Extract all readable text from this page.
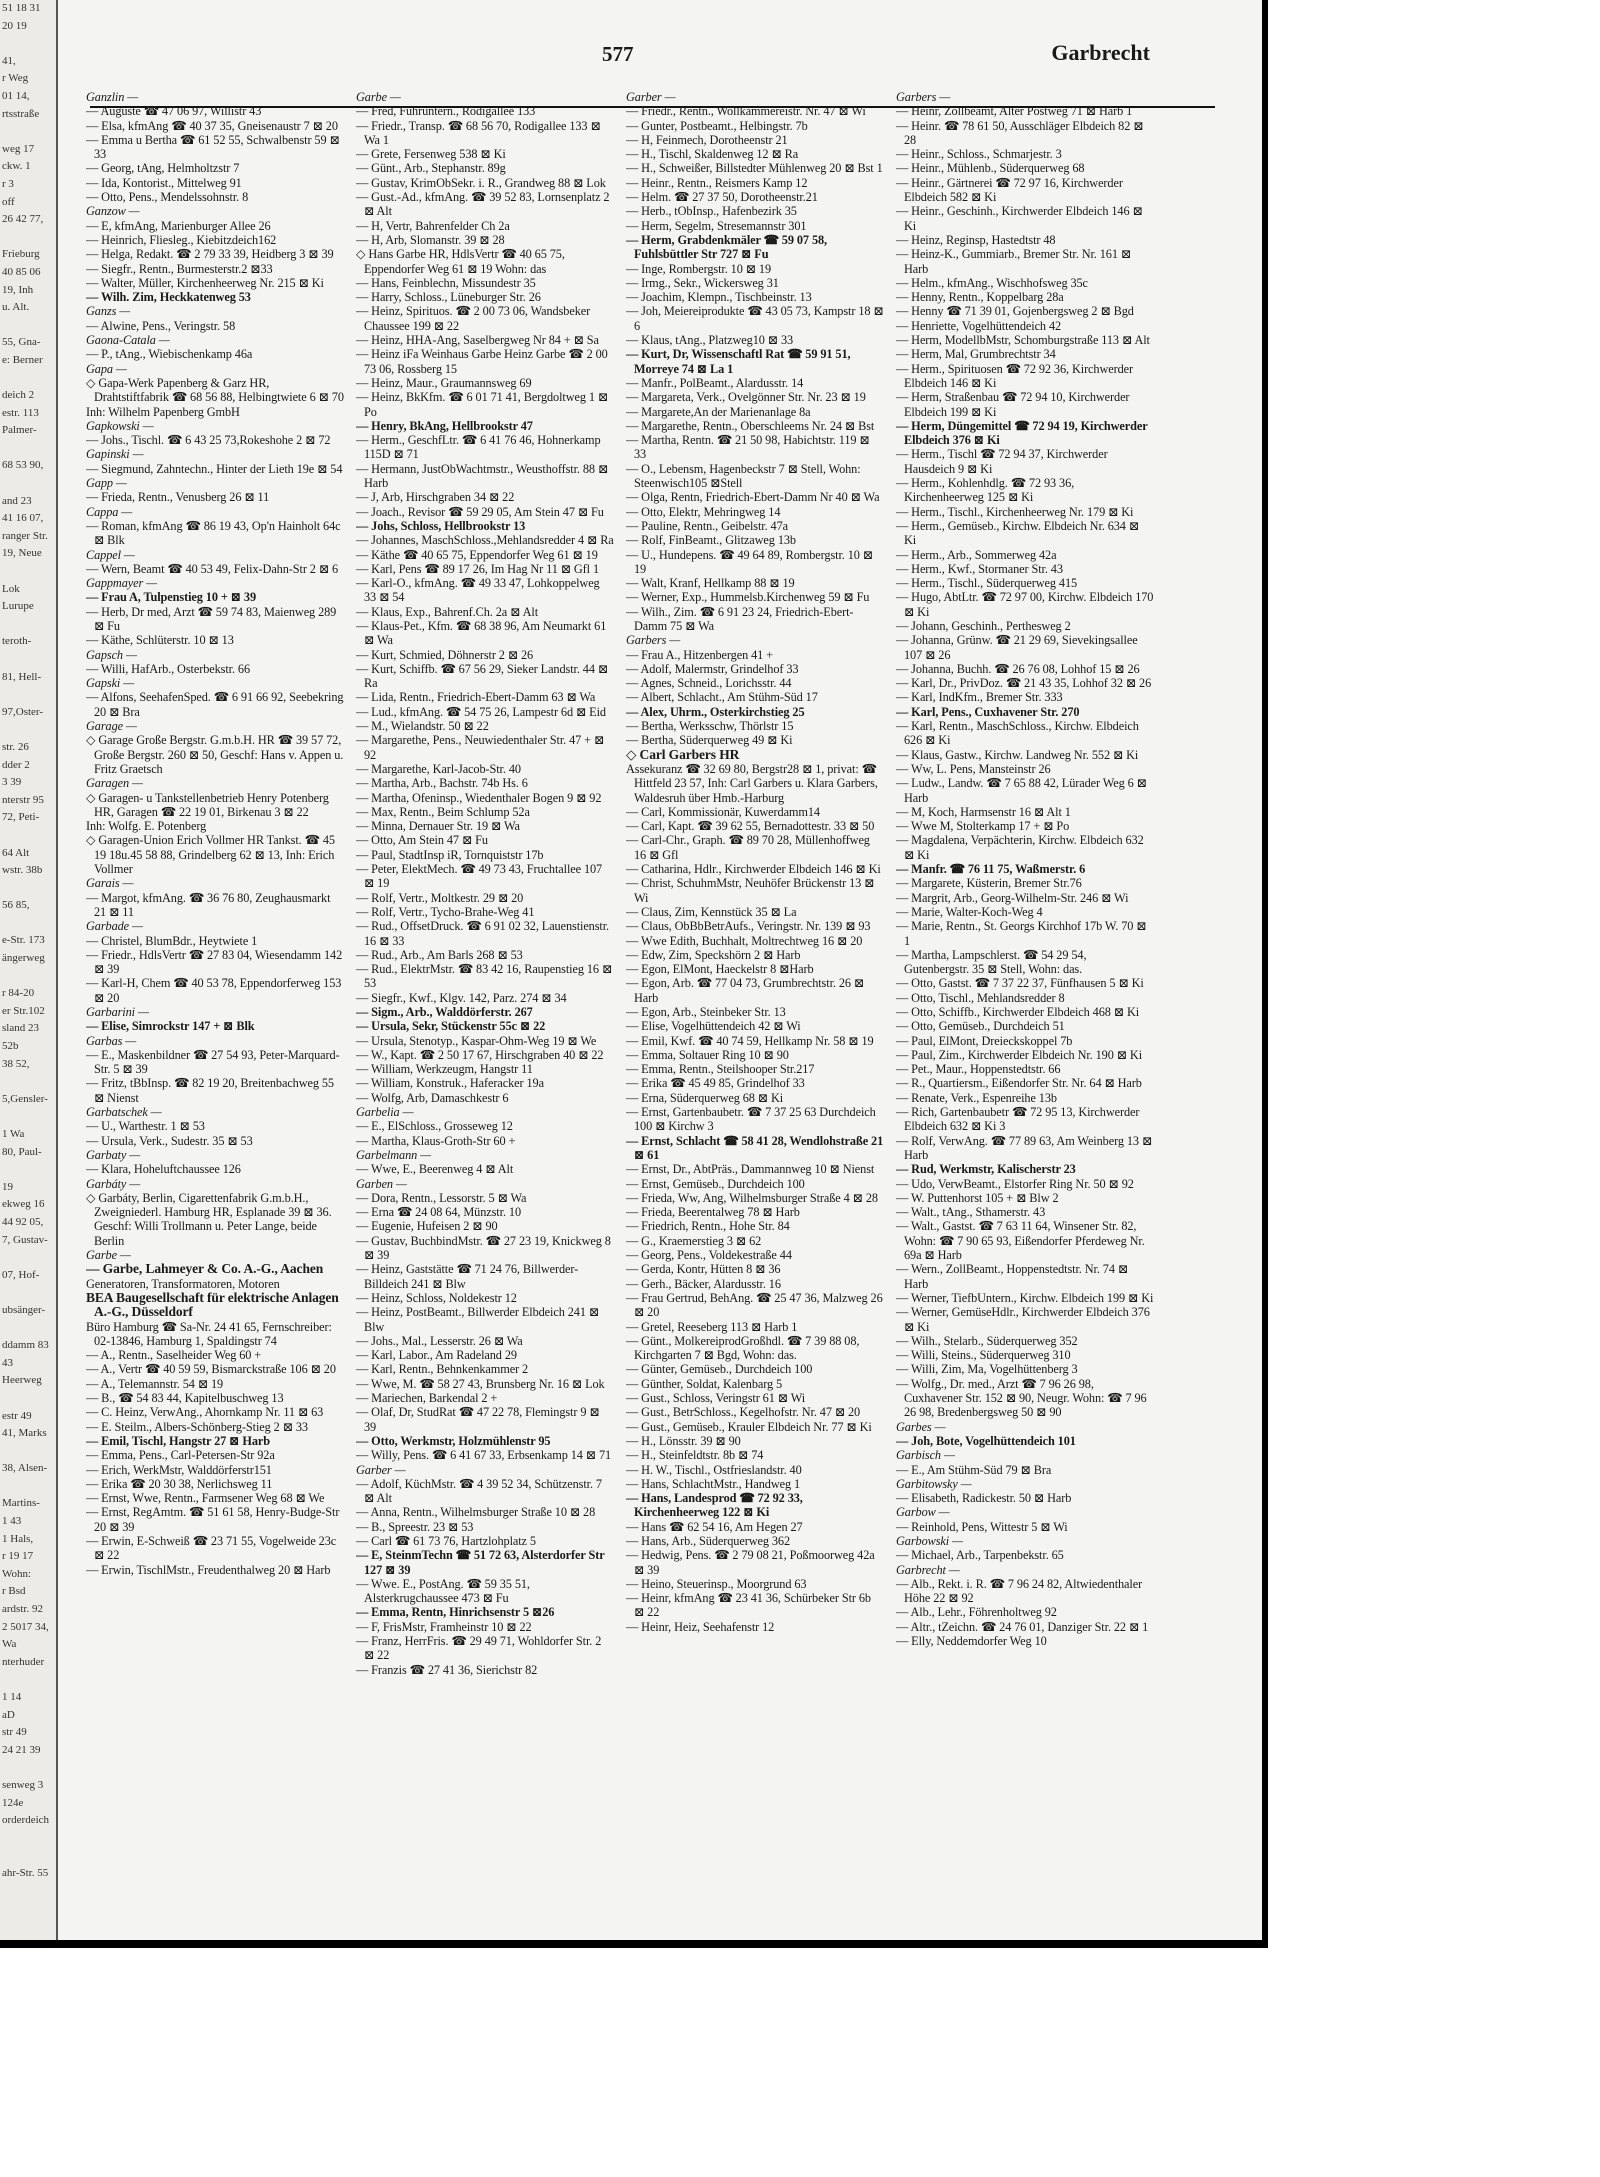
51 18 31
20 19

41,
r Weg
01 14,
rtsstraße

weg 17
ckw. 1
r 3
off
26 42 77,

Frieburg
40 85 06
19, Inh
u. Alt.

55, Gna-
e: Berner

deich 2
estr. 113
Palmer-

68 53 90,

and 23
41 16 07,
ranger Str.
19, Neue

Lok
Lurupe

teroth-

81, Hell-

97,Oster-

str. 26
dder 2
3 39
nterstr 95
72, Peti-

64 Alt
wstr. 38b

56 85,

e-Str. 173
ängerweg

r 84-20
er Str.102
sland 23
52b
38 52,

5,Gensler-

1 Wa
80, Paul-

19
ekweg 16
44 92 05,
7, Gustav-

07, Hof-

ubsänger-

ddamm 83
43
Heerweg

estr 49
41, Marks

38, Alsen-

Martins-
1 43
1 Hals,
r 19 17
Wohn:
r Bsd
ardstr. 92
2 5017 34,
Wa
nterhuder

1 14
aD
str 49
24 21 39

senweg 3
124e
orderdeich

ahr-Str. 55
577	Garbrecht
Ganzlin —
— Auguste ☎ 47 06 97, Willistr 43
— Elsa, kfmAng ☎ 40 37 35, Gneisenaustr 7 ⊠ 20
— Emma u Bertha ☎ 61 52 55, Schwalbenstr 59 ⊠ 33
— Georg, tAng, Helmholtzstr 7
— Ida, Kontorist., Mittelweg 91
— Otto, Pens., Mendelssohnstr. 8
Ganzow —
— E, kfmAng, Marienburger Allee 26
— Heinrich, Fliesleg., Kiebitzdeich162
— Helga, Redakt. ☎ 2 79 33 39, Heidberg 3 ⊠ 39
— Siegfr., Rentn., Burmesterstr.2 ⊠33
— Walter, Müller, Kirchenheerweg Nr. 215 ⊠ Ki
— Wilh. Zim, Heckkatenweg 53
Ganzs —
— Alwine, Pens., Veringstr. 58
Gaona-Catala —
— P., tAng., Wiebischenkamp 46a
Gapa —
◇ Gapa-Werk Papenberg & Garz HR, Drahtstiftfabrik ☎ 68 56 88, Helbingtwiete 6 ⊠ 70
Inh: Wilhelm Papenberg GmbH
Gapkowski —
— Johs., Tischl. ☎ 6 43 25 73,Rokeshohe 2 ⊠ 72
Gapinski —
— Siegmund, Zahntechn., Hinter der Lieth 19e ⊠ 54
Gapp —
— Frieda, Rentn., Venusberg 26 ⊠ 11
Cappa —
— Roman, kfmAng ☎ 86 19 43, Op'n Hainholt 64c ⊠ Blk
Cappel —
— Wern, Beamt ☎ 40 53 49, Felix-Dahn-Str 2 ⊠ 6
Gappmayer —
— Frau A, Tulpenstieg 10 + ⊠ 39
— Herb, Dr med, Arzt ☎ 59 74 83, Maienweg 289 ⊠ Fu
— Käthe, Schlüterstr. 10 ⊠ 13
Gapsch —
— Willi, HafArb., Osterbekstr. 66
Gapski —
— Alfons, SeehafenSped. ☎ 6 91 66 92, Seebekring 20 ⊠ Bra
Garage —
◇ Garage Große Bergstr. G.m.b.H. HR ☎ 39 57 72, Große Bergstr. 260 ⊠ 50, Geschf: Hans v. Appen u. Fritz Graetsch
Garagen —
◇ Garagen- u Tankstellenbetrieb Henry Potenberg HR, Garagen ☎ 22 19 01, Birkenau 3 ⊠ 22
Inh: Wolfg. E. Potenberg
◇ Garagen-Union Erich Vollmer HR Tankst. ☎ 45 19 18u.45 58 88, Grindelberg 62 ⊠ 13, Inh: Erich Vollmer
Garais —
— Margot, kfmAng. ☎ 36 76 80, Zeughausmarkt 21 ⊠ 11
Garbade —
— Christel, BlumBdr., Heytwiete 1
— Friedr., HdlsVertr ☎ 27 83 04, Wiesendamm 142 ⊠ 39
— Karl-H, Chem ☎ 40 53 78, Eppendorferweg 153 ⊠ 20
Garbarini —
— Elise, Simrockstr 147 + ⊠ Blk
Garbas —
— E., Maskenbildner ☎ 27 54 93, Peter-Marquard-Str. 5 ⊠ 39
— Fritz, tBbInsp. ☎ 82 19 20, Breitenbachweg 55 ⊠ Nienst
Garbatschek —
— U., Warthestr. 1 ⊠ 53
— Ursula, Verk., Sudestr. 35 ⊠ 53
Garbaty —
— Klara, Hoheluftchaussee 126
Garbáty —
◇ Garbáty, Berlin, Cigarettenfabrik G.m.b.H., Zweigniederl. Hamburg HR, Esplanade 39 ⊠ 36. Geschf: Willi Trollmann u. Peter Lange, beide Berlin
Garbe —
— Garbe, Lahmeyer & Co. A.-G., Aachen
Generatoren, Transformatoren, Motoren
BEA Baugesellschaft für elektrische Anlagen A.-G., Düsseldorf
Büro Hamburg ☎ Sa-Nr. 24 41 65, Fernschreiber: 02-13846, Hamburg 1, Spaldingstr 74
— A., Rentn., Saselheider Weg 60 +
— A., Vertr ☎ 40 59 59, Bismarckstraße 106 ⊠ 20
— A., Telemannstr. 54 ⊠ 19
— B., ☎ 54 83 44, Kapitelbuschweg 13
— C. Heinz, VerwAng., Ahornkamp Nr. 11 ⊠ 63
— E. Steilm., Albers-Schönberg-Stieg 2 ⊠ 33
— Emil, Tischl, Hangstr 27 ⊠ Harb
— Emma, Pens., Carl-Petersen-Str 92a
— Erich, WerkMstr, Walddörferstr151
— Erika ☎ 20 30 38, Nerlichsweg 11
— Ernst, Wwe, Rentn., Farmsener Weg 68 ⊠ We
— Ernst, RegAmtm. ☎ 51 61 58, Henry-Budge-Str 20 ⊠ 39
— Erwin, E-Schweiß ☎ 23 71 55, Vogelweide 23c ⊠ 22
— Erwin, TischlMstr., Freudenthalweg 20 ⊠ Harb
Garbe —
— Fred, Fuhruntern., Rodigallee 133
— Friedr., Transp. ☎ 68 56 70, Rodigallee 133 ⊠ Wa 1
— Grete, Fersenweg 538 ⊠ Ki
— Günt., Arb., Stephanstr. 89g
— Gustav, KrimObSekr. i. R., Grandweg 88 ⊠ Lok
— Gust.-Ad., kfmAng. ☎ 39 52 83, Lornsenplatz 2 ⊠ Alt
— H, Vertr, Bahrenfelder Ch 2a
— H, Arb, Slomanstr. 39 ⊠ 28
◇ Hans Garbe HR, HdlsVertr ☎ 40 65 75, Eppendorfer Weg 61 ⊠ 19 Wohn: das
— Hans, Feinblechn, Missundestr 35
— Harry, Schloss., Lüneburger Str. 26
— Heinz, Spirituos. ☎ 2 00 73 06, Wandsbeker Chaussee 199 ⊠ 22
— Heinz, HHA-Ang, Saselbergweg Nr 84 + ⊠ Sa
— Heinz iFa Weinhaus Garbe Heinz Garbe ☎ 2 00 73 06, Rossberg 15
— Heinz, Maur., Graumannsweg 69
— Heinz, BkKfm. ☎ 6 01 71 41, Bergdoltweg 1 ⊠ Po
— Henry, BkAng, Hellbrookstr 47
— Herm., GeschfLtr. ☎ 6 41 76 46, Hohnerkamp 115D ⊠ 71
— Hermann, JustObWachtmstr., Weusthoffstr. 88 ⊠ Harb
— J, Arb, Hirschgraben 34 ⊠ 22
— Joach., Revisor ☎ 59 29 05, Am Stein 47 ⊠ Fu
— Johs, Schloss, Hellbrookstr 13
— Johannes, MaschSchloss.,Mehlandsredder 4 ⊠ Ra
— Käthe ☎ 40 65 75, Eppendorfer Weg 61 ⊠ 19
— Karl, Pens ☎ 89 17 26, Im Hag Nr 11 ⊠ Gfl 1
— Karl-O., kfmAng. ☎ 49 33 47, Lohkoppelweg 33 ⊠ 54
— Klaus, Exp., Bahrenf.Ch. 2a ⊠ Alt
— Klaus-Pet., Kfm. ☎ 68 38 96, Am Neumarkt 61 ⊠ Wa
— Kurt, Schmied, Döhnerstr 2 ⊠ 26
— Kurt, Schiffb. ☎ 67 56 29, Sieker Landstr. 44 ⊠ Ra
— Lida, Rentn., Friedrich-Ebert-Damm 63 ⊠ Wa
— Lud., kfmAng. ☎ 54 75 26, Lampestr 6d ⊠ Eid
— M., Wielandstr. 50 ⊠ 22
— Margarethe, Pens., Neuwiedenthaler Str. 47 + ⊠ 92
— Margarethe, Karl-Jacob-Str. 40
— Martha, Arb., Bachstr. 74b Hs. 6
— Martha, Ofeninsp., Wiedenthaler Bogen 9 ⊠ 92
— Max, Rentn., Beim Schlump 52a
— Minna, Dernauer Str. 19 ⊠ Wa
— Otto, Am Stein 47 ⊠ Fu
— Paul, StadtInsp iR, Tornquiststr 17b
— Peter, ElektMech. ☎ 49 73 43, Fruchtallee 107 ⊠ 19
— Rolf, Vertr., Moltkestr. 29 ⊠ 20
— Rolf, Vertr., Tycho-Brahe-Weg 41
— Rud., OffsetDruck. ☎ 6 91 02 32, Lauenstienstr. 16 ⊠ 33
— Rud., Arb., Am Barls 268 ⊠ 53
— Rud., ElektrMstr. ☎ 83 42 16, Raupenstieg 16 ⊠ 53
— Siegfr., Kwf., Klgv. 142, Parz. 274 ⊠ 34
— Sigm., Arb., Walddörferstr. 267
— Ursula, Sekr, Stückenstr 55c ⊠ 22
— Ursula, Stenotyp., Kaspar-Ohm-Weg 19 ⊠ We
— W., Kapt. ☎ 2 50 17 67, Hirschgraben 40 ⊠ 22
— William, Werkzeugm, Hangstr 11
— William, Konstruk., Haferacker 19a
— Wolfg, Arb, Damaschkestr 6
Garbelia —
— E., ElSchloss., Grosseweg 12
— Martha, Klaus-Groth-Str 60 +
Garbelmann —
— Wwe, E., Beerenweg 4 ⊠ Alt
Garben —
— Dora, Rentn., Lessorstr. 5 ⊠ Wa
— Erna ☎ 24 08 64, Münzstr. 10
— Eugenie, Hufeisen 2 ⊠ 90
— Gustav, BuchbindMstr. ☎ 27 23 19, Knickweg 8 ⊠ 39
— Heinz, Gaststätte ☎ 71 24 76, Billwerder-Billdeich 241 ⊠ Blw
— Heinz, Schloss, Noldekestr 12
— Heinz, PostBeamt., Billwerder Elbdeich 241 ⊠ Blw
— Johs., Mal., Lesserstr. 26 ⊠ Wa
— Karl, Labor., Am Radeland 29
— Karl, Rentn., Behnkenkammer 2
— Wwe, M. ☎ 58 27 43, Brunsberg Nr. 16 ⊠ Lok
— Mariechen, Barkendal 2 +
— Olaf, Dr, StudRat ☎ 47 22 78, Flemingstr 9 ⊠ 39
— Otto, Werkmstr, Holzmühlenstr 95
— Willy, Pens. ☎ 6 41 67 33, Erbsenkamp 14 ⊠ 71
Garber —
— Adolf, KüchMstr. ☎ 4 39 52 34, Schützenstr. 7 ⊠ Alt
— Anna, Rentn., Wilhelmsburger Straße 10 ⊠ 28
— B., Spreestr. 23 ⊠ 53
— Carl ☎ 61 73 76, Hartzlohplatz 5
— E, SteinmTechn ☎ 51 72 63, Alsterdorfer Str 127 ⊠ 39
— Wwe. E., PostAng. ☎ 59 35 51, Alsterkrugchaussee 473 ⊠ Fu
— Emma, Rentn, Hinrichsenstr 5 ⊠26
— F, FrisMstr, Framheinstr 10 ⊠ 22
— Franz, HerrFris. ☎ 29 49 71, Wohldorfer Str. 2 ⊠ 22
— Franzis ☎ 27 41 36, Sierichstr 82
Garber —
— Friedr., Rentn., Wollkämmereistr. Nr. 47 ⊠ Wi
— Gunter, Postbeamt., Helbingstr. 7b
— H, Feinmech, Dorotheenstr 21
— H., Tischl, Skaldenweg 12 ⊠ Ra
— H., Schweißer, Billstedter Mühlenweg 20 ⊠ Bst 1
— Heinr., Rentn., Reismers Kamp 12
— Helm. ☎ 27 37 50, Dorotheenstr.21
— Herb., tObInsp., Hafenbezirk 35
— Herm, Segelm, Stresemannstr 301
— Herm, Grabdenkmäler ☎ 59 07 58, Fuhlsbüttler Str 727 ⊠ Fu
— Inge, Rombergstr. 10 ⊠ 19
— Irmg., Sekr., Wickersweg 31
— Joachim, Klempn., Tischbeinstr. 13
— Joh, Meiereiprodukte ☎ 43 05 73, Kampstr 18 ⊠ 6
— Klaus, tAng., Platzweg10 ⊠ 33
— Kurt, Dr, Wissenschaftl Rat ☎ 59 91 51, Morreye 74 ⊠ La 1
— Manfr., PolBeamt., Alardusstr. 14
— Margareta, Verk., Ovelgönner Str. Nr. 23 ⊠ 19
— Margarete,An der Marienanlage 8a
— Margarethe, Rentn., Oberschleems Nr. 24 ⊠ Bst
— Martha, Rentn. ☎ 21 50 98, Habichtstr. 119 ⊠ 33
— O., Lebensm, Hagenbeckstr 7 ⊠ Stell, Wohn: Steenwisch105 ⊠Stell
— Olga, Rentn, Friedrich-Ebert-Damm Nr 40 ⊠ Wa
— Otto, Elektr, Mehringweg 14
— Pauline, Rentn., Geibelstr. 47a
— Rolf, FinBeamt., Glitzaweg 13b
— U., Hundepens. ☎ 49 64 89, Rombergstr. 10 ⊠ 19
— Walt, Kranf, Hellkamp 88 ⊠ 19
— Werner, Exp., Hummelsb.Kirchenweg 59 ⊠ Fu
— Wilh., Zim. ☎ 6 91 23 24, Friedrich-Ebert-Damm 75 ⊠ Wa
Garbers —
— Frau A., Hitzenbergen 41 +
— Adolf, Malermstr, Grindelhof 33
— Agnes, Schneid., Lorichsstr. 44
— Albert, Schlacht., Am Stühm-Süd 17
— Alex, Uhrm., Osterkirchstieg 25
— Bertha, Werksschw, Thörlstr 15
— Bertha, Süderquerweg 49 ⊠ Ki
◇ Carl Garbers HR
Assekuranz ☎ 32 69 80, Bergstr28 ⊠ 1, privat: ☎ Hittfeld 23 57, Inh: Carl Garbers u. Klara Garbers, Waldesruh über Hmb.-Harburg
— Carl, Kommissionär, Kuwerdamm14
— Carl, Kapt. ☎ 39 62 55, Bernadottestr. 33 ⊠ 50
— Carl-Chr., Graph. ☎ 89 70 28, Müllenhoffweg 16 ⊠ Gfl
— Catharina, Hdlr., Kirchwerder Elbdeich 146 ⊠ Ki
— Christ, SchuhmMstr, Neuhöfer Brückenstr 13 ⊠ Wi
— Claus, Zim, Kennstück 35 ⊠ La
— Claus, ObBbBetrAufs., Veringstr. Nr. 139 ⊠ 93
— Wwe Edith, Buchhalt, Moltrechtweg 16 ⊠ 20
— Edw, Zim, Speckshörn 2 ⊠ Harb
— Egon, ElMont, Haeckelstr 8 ⊠Harb
— Egon, Arb. ☎ 77 04 73, Grumbrechtstr. 26 ⊠ Harb
— Egon, Arb., Steinbeker Str. 13
— Elise, Vogelhüttendeich 42 ⊠ Wi
— Emil, Kwf. ☎ 40 74 59, Hellkamp Nr. 58 ⊠ 19
— Emma, Soltauer Ring 10 ⊠ 90
— Emma, Rentn., Steilshooper Str.217
— Erika ☎ 45 49 85, Grindelhof 33
— Erna, Süderquerweg 68 ⊠ Ki
— Ernst, Gartenbaubetr. ☎ 7 37 25 63 Durchdeich 100 ⊠ Kirchw 3
— Ernst, Schlacht ☎ 58 41 28, Wendlohstraße 21 ⊠ 61
— Ernst, Dr., AbtPräs., Dammannweg 10 ⊠ Nienst
— Ernst, Gemüseb., Durchdeich 100
— Frieda, Ww, Ang, Wilhelmsburger Straße 4 ⊠ 28
— Frieda, Beerentalweg 78 ⊠ Harb
— Friedrich, Rentn., Hohe Str. 84
— G., Kraemerstieg 3 ⊠ 62
— Georg, Pens., Voldekestraße 44
— Gerda, Kontr, Hütten 8 ⊠ 36
— Gerh., Bäcker, Alardusstr. 16
— Frau Gertrud, BehAng. ☎ 25 47 36, Malzweg 26 ⊠ 20
— Gretel, Reeseberg 113 ⊠ Harb 1
— Günt., MolkereiprodGroßhdl. ☎ 7 39 88 08, Kirchgarten 7 ⊠ Bgd, Wohn: das.
— Günter, Gemüseb., Durchdeich 100
— Günther, Soldat, Kalenbarg 5
— Gust., Schloss, Veringstr 61 ⊠ Wi
— Gust., BetrSchloss., Kegelhofstr. Nr. 47 ⊠ 20
— Gust., Gemüseb., Krauler Elbdeich Nr. 77 ⊠ Ki
— H., Lönsstr. 39 ⊠ 90
— H., Steinfeldtstr. 8b ⊠ 74
— H. W., Tischl., Ostfrieslandstr. 40
— Hans, SchlachtMstr., Handweg 1
— Hans, Landesprod ☎ 72 92 33, Kirchenheerweg 122 ⊠ Ki
— Hans ☎ 62 54 16, Am Hegen 27
— Hans, Arb., Süderquerweg 362
— Hedwig, Pens. ☎ 2 79 08 21, Poßmoorweg 42a ⊠ 39
— Heino, Steuerinsp., Moorgrund 63
— Heinr, kfmAng ☎ 23 41 36, Schürbeker Str 6b ⊠ 22
— Heinr, Heiz, Seehafenstr 12
Garbers —
— Heinr, Zollbeamt, Alter Postweg 71 ⊠ Harb 1
— Heinr. ☎ 78 61 50, Ausschläger Elbdeich 82 ⊠ 28
— Heinr., Schloss., Schmarjestr. 3
— Heinr., Mühlenb., Süderquerweg 68
— Heinr., Gärtnerei ☎ 72 97 16, Kirchwerder Elbdeich 582 ⊠ Ki
— Heinr., Geschinh., Kirchwerder Elbdeich 146 ⊠ Ki
— Heinz, Reginsp, Hastedtstr 48
— Heinz-K., Gummiarb., Bremer Str. Nr. 161 ⊠ Harb
— Helm., kfmAng., Wischhofsweg 35c
— Henny, Rentn., Koppelbarg 28a
— Henny ☎ 71 39 01, Gojenbergsweg 2 ⊠ Bgd
— Henriette, Vogelhüttendeich 42
— Herm, ModellbMstr, Schomburgstraße 113 ⊠ Alt
— Herm, Mal, Grumbrechtstr 34
— Herm., Spirituosen ☎ 72 92 36, Kirchwerder Elbdeich 146 ⊠ Ki
— Herm, Straßenbau ☎ 72 94 10, Kirchwerder Elbdeich 199 ⊠ Ki
— Herm, Düngemittel ☎ 72 94 19, Kirchwerder Elbdeich 376 ⊠ Ki
— Herm., Tischl ☎ 72 94 37, Kirchwerder Hausdeich 9 ⊠ Ki
— Herm., Kohlenhdlg. ☎ 72 93 36, Kirchenheerweg 125 ⊠ Ki
— Herm., Tischl., Kirchenheerweg Nr. 179 ⊠ Ki
— Herm., Gemüseb., Kirchw. Elbdeich Nr. 634 ⊠ Ki
— Herm., Arb., Sommerweg 42a
— Herm., Kwf., Stormaner Str. 43
— Herm., Tischl., Süderquerweg 415
— Hugo, AbtLtr. ☎ 72 97 00, Kirchw. Elbdeich 170 ⊠ Ki
— Johann, Geschinh., Perthesweg 2
— Johanna, Grünw. ☎ 21 29 69, Sievekingsallee 107 ⊠ 26
— Johanna, Buchh. ☎ 26 76 08, Lohhof 15 ⊠ 26
— Karl, Dr., PrivDoz. ☎ 21 43 35, Lohhof 32 ⊠ 26
— Karl, IndKfm., Bremer Str. 333
— Karl, Pens., Cuxhavener Str. 270
— Karl, Rentn., MaschSchloss., Kirchw. Elbdeich 626 ⊠ Ki
— Klaus, Gastw., Kirchw. Landweg Nr. 552 ⊠ Ki
— Ww, L. Pens, Mansteinstr 26
— Ludw., Landw. ☎ 7 65 88 42, Lürader Weg 6 ⊠ Harb
— M, Koch, Harmsenstr 16 ⊠ Alt 1
— Wwe M, Stolterkamp 17 + ⊠ Po
— Magdalena, Verpächterin, Kirchw. Elbdeich 632 ⊠ Ki
— Manfr. ☎ 76 11 75, Waßmerstr. 6
— Margarete, Küsterin, Bremer Str.76
— Margrit, Arb., Georg-Wilhelm-Str. 246 ⊠ Wi
— Marie, Walter-Koch-Weg 4
— Marie, Rentn., St. Georgs Kirchhof 17b W. 70 ⊠ 1
— Martha, Lampschlerst. ☎ 54 29 54, Gutenbergstr. 35 ⊠ Stell, Wohn: das.
— Otto, Gastst. ☎ 7 37 22 37, Fünfhausen 5 ⊠ Ki
— Otto, Tischl., Mehlandsredder 8
— Otto, Schiffb., Kirchwerder Elbdeich 468 ⊠ Ki
— Otto, Gemüseb., Durchdeich 51
— Paul, ElMont, Dreieckskoppel 7b
— Paul, Zim., Kirchwerder Elbdeich Nr. 190 ⊠ Ki
— Pet., Maur., Hoppenstedtstr. 66
— R., Quartiersm., Eißendorfer Str. Nr. 64 ⊠ Harb
— Renate, Verk., Espenreihe 13b
— Rich, Gartenbaubetr ☎ 72 95 13, Kirchwerder Elbdeich 632 ⊠ Ki 3
— Rolf, VerwAng. ☎ 77 89 63, Am Weinberg 13 ⊠ Harb
— Rud, Werkmstr, Kalischerstr 23
— Udo, VerwBeamt., Elstorfer Ring Nr. 50 ⊠ 92
— W. Puttenhorst 105 + ⊠ Blw 2
— Walt., tAng., Sthamerstr. 43
— Walt., Gastst. ☎ 7 63 11 64, Winsener Str. 82, Wohn: ☎ 7 90 65 93, Eißendorfer Pferdeweg Nr. 69a ⊠ Harb
— Wern., ZollBeamt., Hoppenstedtstr. Nr. 74 ⊠ Harb
— Werner, TiefbUntern., Kirchw. Elbdeich 199 ⊠ Ki
— Werner, GemüseHdlr., Kirchwerder Elbdeich 376 ⊠ Ki
— Wilh., Stelarb., Süderquerweg 352
— Willi, Steins., Süderquerweg 310
— Willi, Zim, Ma, Vogelhüttenberg 3
— Wolfg., Dr. med., Arzt ☎ 7 96 26 98, Cuxhavener Str. 152 ⊠ 90, Neugr. Wohn: ☎ 7 96 26 98, Bredenbergsweg 50 ⊠ 90
Garbes —
— Joh, Bote, Vogelhüttendeich 101
Garbisch —
— E., Am Stühm-Süd 79 ⊠ Bra
Garbitowsky —
— Elisabeth, Radickestr. 50 ⊠ Harb
Garbow —
— Reinhold, Pens, Wittestr 5 ⊠ Wi
Garbowski —
— Michael, Arb., Tarpenbekstr. 65
Garbrecht —
— Alb., Rekt. i. R. ☎ 7 96 24 82, Altwiedenthaler Höhe 22 ⊠ 92
— Alb., Lehr., Föhrenholtweg 92
— Altr., tZeichn. ☎ 24 76 01, Danziger Str. 22 ⊠ 1
— Elly, Neddemdorfer Weg 10
